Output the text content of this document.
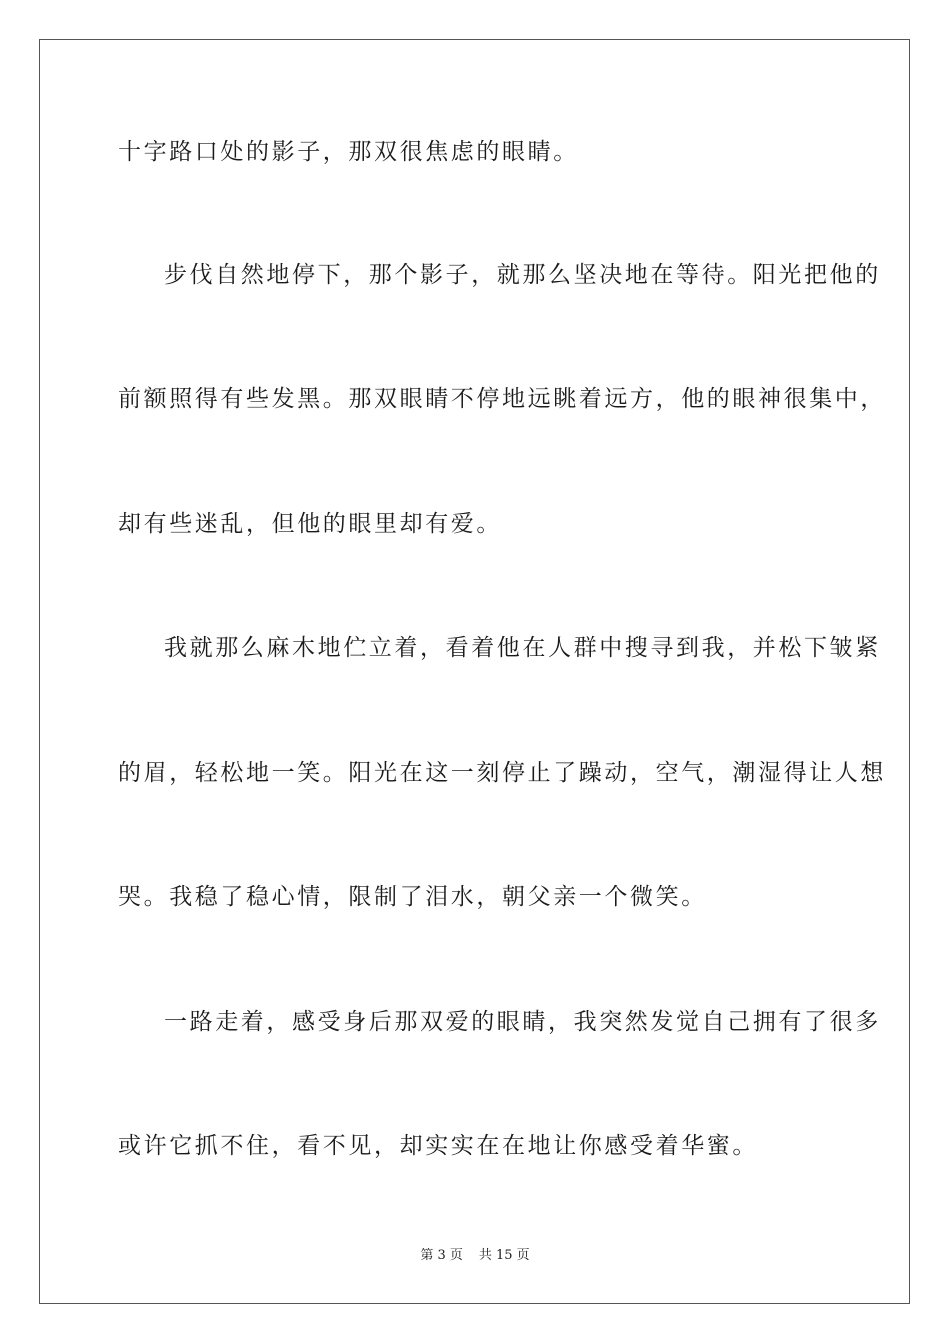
十字路口处的影子，那双很焦虑的眼睛。
步伐自然地停下，那个影子，就那么坚决地在等待。阳光把他的
前额照得有些发黑。那双眼睛不停地远眺着远方，他的眼神很集中，
却有些迷乱，但他的眼里却有爱。
我就那么麻木地伫立着，看着他在人群中搜寻到我，并松下皱紧
的眉，轻松地一笑。阳光在这一刻停止了躁动，空气，潮湿得让人想
哭。我稳了稳心情，限制了泪水，朝父亲一个微笑。
一路走着，感受身后那双爱的眼睛，我突然发觉自己拥有了很多
或许它抓不住，看不见，却实实在在地让你感受着华蜜。
第 3 页 共 15 页
